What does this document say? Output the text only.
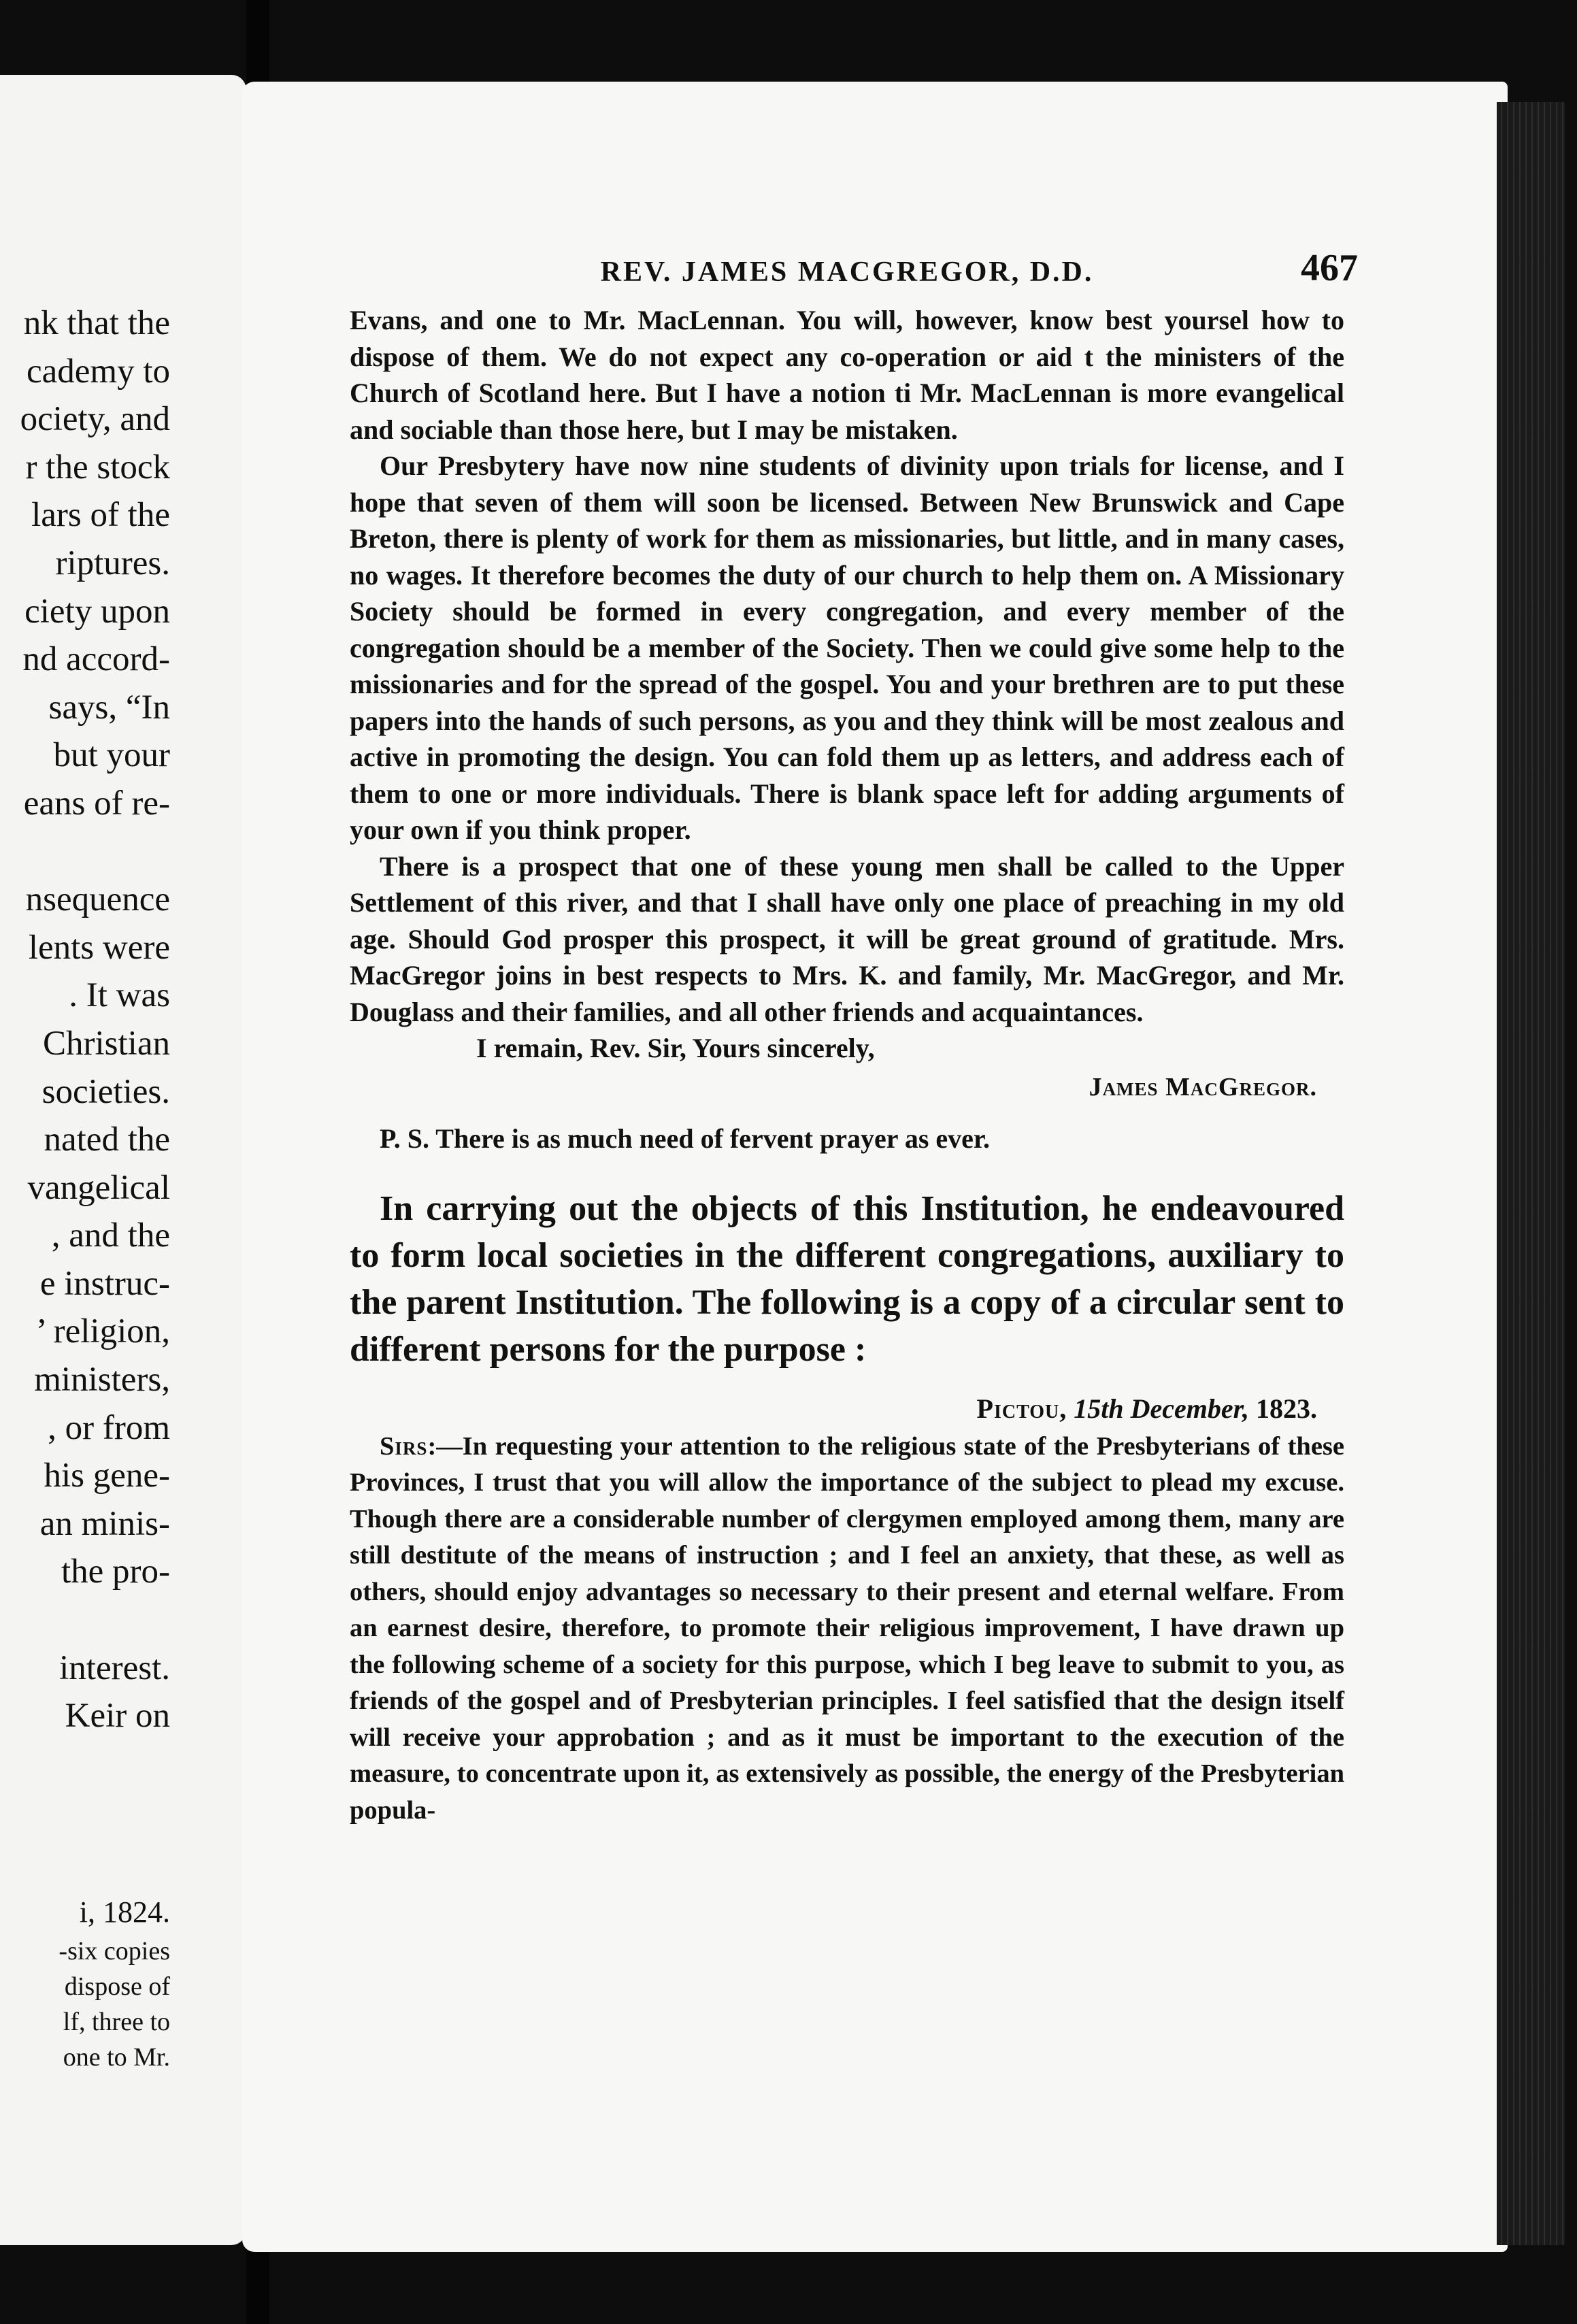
nk that the
cademy to
ociety, and
r the stock
lars of the
riptures.
ciety upon
nd accord-
says, “In
but your
eans of re-
nsequence
lents were
. It was
Christian
societies.
nated the
vangelical
, and the
e instruc-
’ religion,
ministers,
, or from
his gene-
an minis-
the pro-
interest.
Keir on
i, 1824.
-six copies
dispose of
lf, three to
one to Mr.
REV. JAMES MACGREGOR, D.D.	467

Evans, and one to Mr. MacLennan. You will, however, know best yoursel how to dispose of them. We do not expect any co-operation or aid t the ministers of the Church of Scotland here. But I have a notion ti Mr. MacLennan is more evangelical and sociable than those here, but I may be mistaken.

Our Presbytery have now nine students of divinity upon trials for license, and I hope that seven of them will soon be licensed. Between New Brunswick and Cape Breton, there is plenty of work for them as missionaries, but little, and in many cases, no wages. It therefore becomes the duty of our church to help them on. A Missionary Society should be formed in every congregation, and every member of the congregation should be a member of the Society. Then we could give some help to the missionaries and for the spread of the gospel. You and your brethren are to put these papers into the hands of such persons, as you and they think will be most zealous and active in promoting the design. You can fold them up as letters, and address each of them to one or more individuals. There is blank space left for adding arguments of your own if you think proper.

There is a prospect that one of these young men shall be called to the Upper Settlement of this river, and that I shall have only one place of preaching in my old age. Should God prosper this prospect, it will be great ground of gratitude. Mrs. MacGregor joins in best respects to Mrs. K. and family, Mr. MacGregor, and Mr. Douglass and their families, and all other friends and acquaintances.

I remain, Rev. Sir, Yours sincerely,
James MacGregor.
P. S. There is as much need of fervent prayer as ever.

In carrying out the objects of this Institution, he endeavoured to form local societies in the different congregations, auxiliary to the parent Institution. The following is a copy of a circular sent to different persons for the purpose :

Pictou, 15th December, 1823.

Sirs:—In requesting your attention to the religious state of the Presbyterians of these Provinces, I trust that you will allow the importance of the subject to plead my excuse. Though there are a considerable number of clergymen employed among them, many are still destitute of the means of instruction ; and I feel an anxiety, that these, as well as others, should enjoy advantages so necessary to their present and eternal welfare. From an earnest desire, therefore, to promote their religious improvement, I have drawn up the following scheme of a society for this purpose, which I beg leave to submit to you, as friends of the gospel and of Presbyterian principles. I feel satisfied that the design itself will receive your approbation ; and as it must be important to the execution of the measure, to concentrate upon it, as extensively as possible, the energy of the Presbyterian popula-
